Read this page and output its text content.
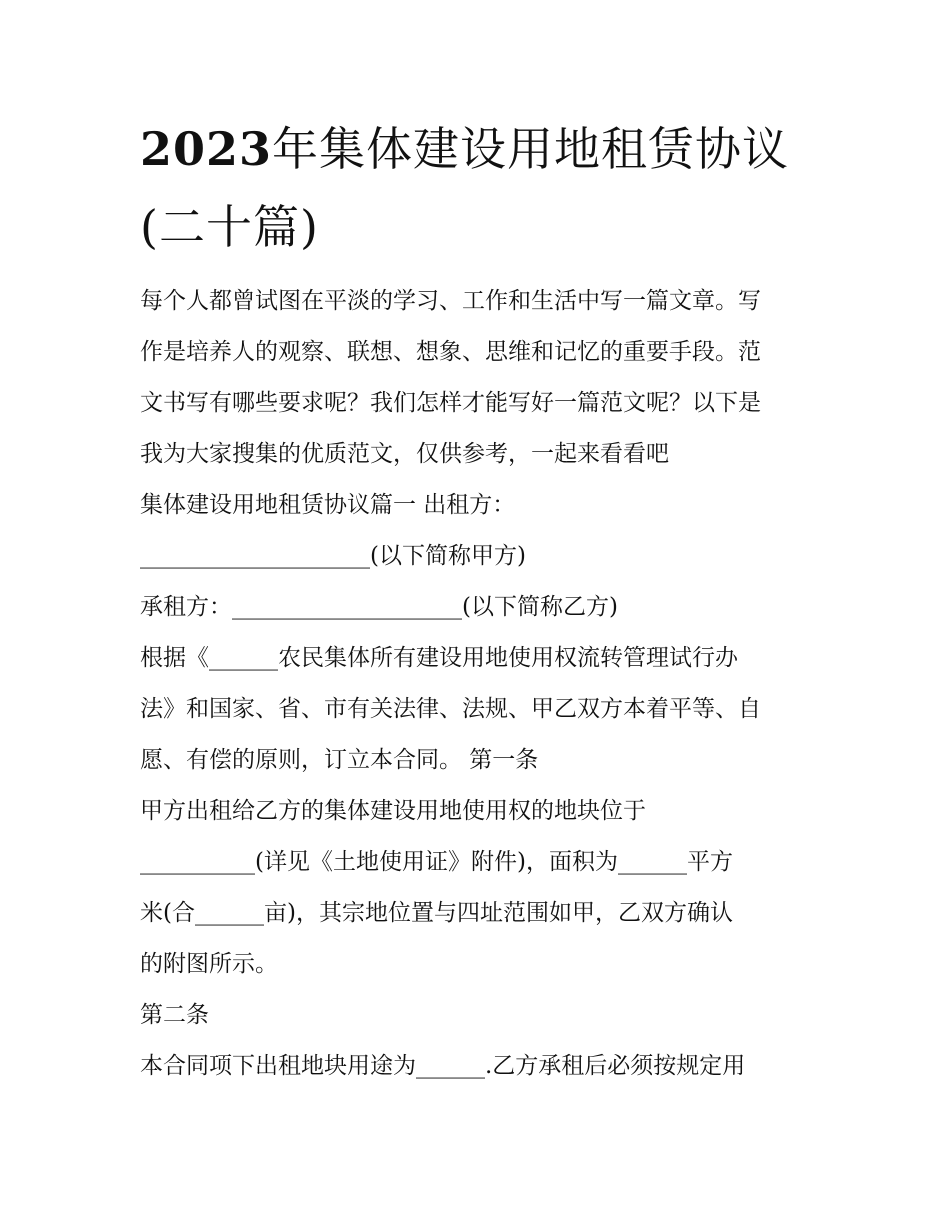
2023年集体建设用地租赁协议
(二十篇)
每个人都曾试图在平淡的学习、工作和生活中写一篇文章。写
作是培养人的观察、联想、想象、思维和记忆的重要手段。范
文书写有哪些要求呢？我们怎样才能写好一篇范文呢？以下是
我为大家搜集的优质范文，仅供参考，一起来看看吧
集体建设用地租赁协议篇一 出租方：
____________________(以下简称甲方)
承租方：____________________(以下简称乙方)
根据《______农民集体所有建设用地使用权流转管理试行办
法》和国家、省、市有关法律、法规、甲乙双方本着平等、自
愿、有偿的原则，订立本合同。 第一条
甲方出租给乙方的集体建设用地使用权的地块位于
__________(详见《土地使用证》附件)，面积为______平方
米(合______亩)，其宗地位置与四址范围如甲，乙双方确认
的附图所示。
第二条
本合同项下出租地块用途为______.乙方承租后必须按规定用
